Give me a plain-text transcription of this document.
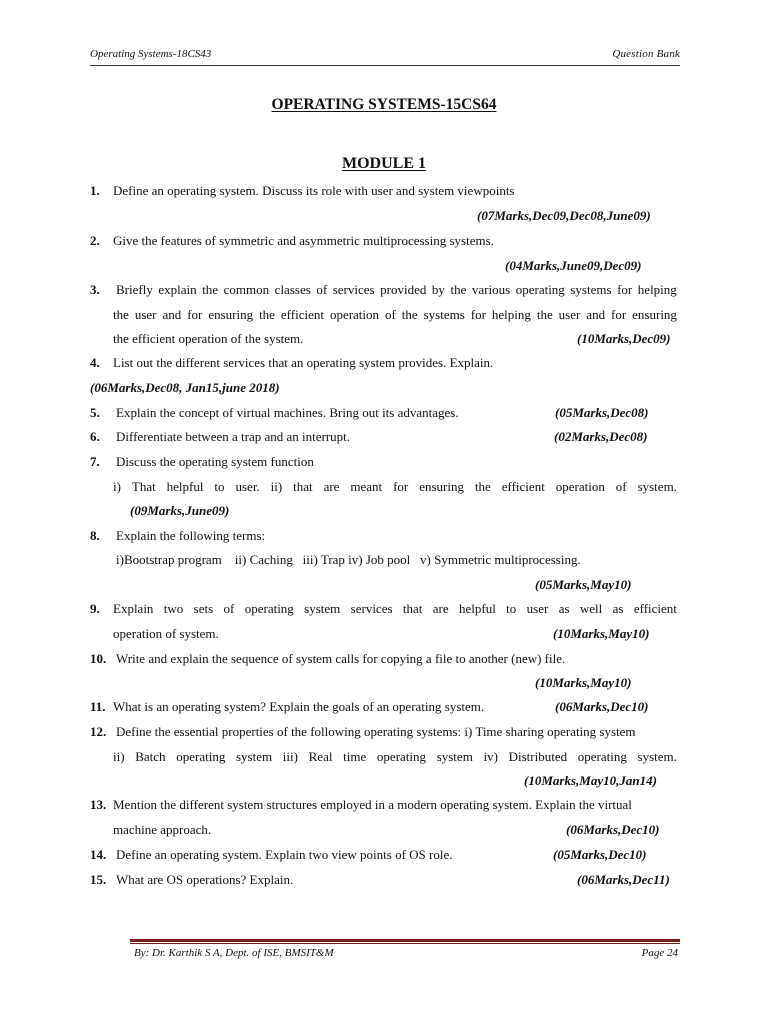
Operating Systems-18CS43	Question Bank
OPERATING SYSTEMS-15CS64
MODULE 1
1. Define an operating system. Discuss its role with user and system viewpoints
(07Marks,Dec09,Dec08,June09)
2. Give the features of symmetric and asymmetric multiprocessing systems.
(04Marks,June09,Dec09)
3. Briefly explain the common classes of services provided by the various operating systems for helping
the user and for ensuring the efficient operation of the systems for helping the user and for ensuring
the efficient operation of the system.	(10Marks,Dec09)
4. List out the different services that an operating system provides. Explain.
(06Marks,Dec08, Jan15,june 2018)
5. Explain the concept of virtual machines. Bring out its advantages.	(05Marks,Dec08)
6. Differentiate between a trap and an interrupt.	(02Marks,Dec08)
7. Discuss the operating system function
i) That helpful to user. ii) that are meant for ensuring the efficient operation of system.
(09Marks,June09)
8. Explain the following terms:
i)Bootstrap program    ii) Caching   iii) Trap iv) Job pool   v) Symmetric multiprocessing.
(05Marks,May10)
9. Explain two sets of operating system services that are helpful to user as well as efficient
operation of system.	(10Marks,May10)
10. Write and explain the sequence of system calls for copying a file to another (new) file.
(10Marks,May10)
11. What is an operating system? Explain the goals of an operating system.	(06Marks,Dec10)
12. Define the essential properties of the following operating systems: i) Time sharing operating system
ii) Batch operating system iii) Real time operating system iv) Distributed operating system.
(10Marks,May10,Jan14)
13. Mention the different system structures employed in a modern operating system. Explain the virtual
machine approach.	(06Marks,Dec10)
14. Define an operating system. Explain two view points of OS role.	(05Marks,Dec10)
15. What are OS operations? Explain.	(06Marks,Dec11)
By: Dr. Karthik S A, Dept. of ISE, BMSIT&M	Page 24
